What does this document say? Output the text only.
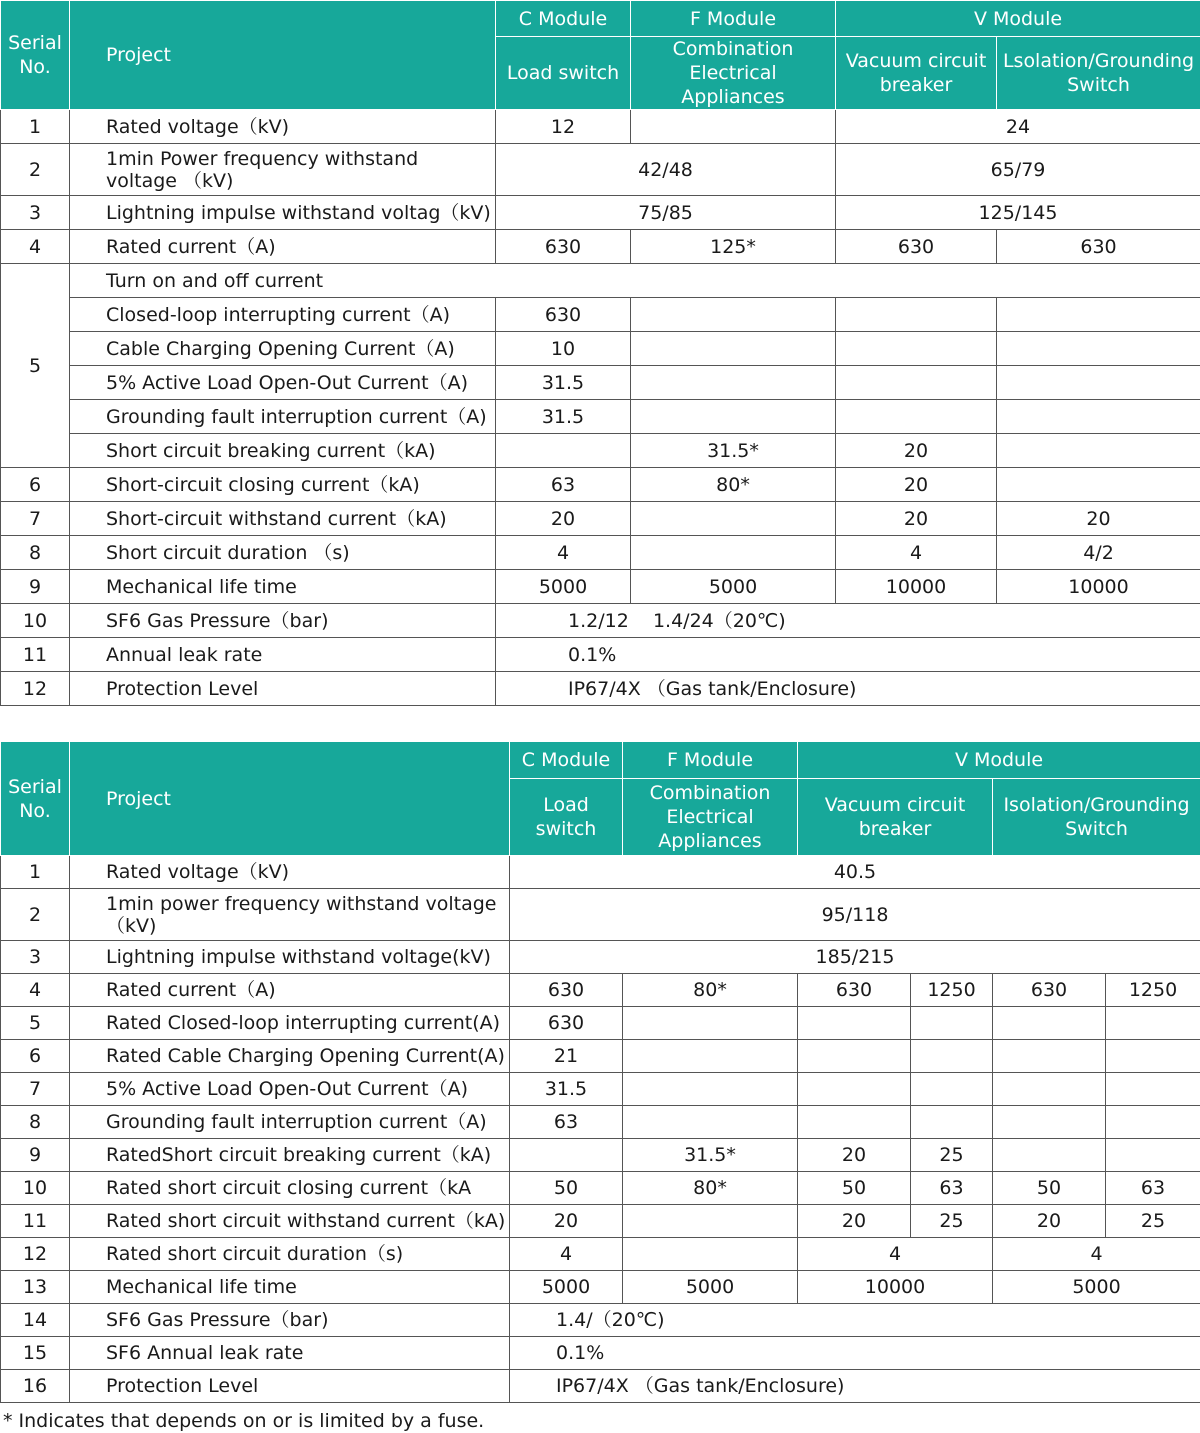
Serial No.	Project	C Module	F Module	V Module	
		Load switch	Combination Electrical Appliances	Vacuum circuit breaker	Lsolation/Grounding Switch
1	Rated voltage（kV)	12		24	
2	1min Power frequency withstand voltage （kV)	42/48		65/79	
3	Lightning impulse withstand voltag（kV)	75/85		125/145	
4	Rated current（A)	630	125*	630	630
5	Turn on and off current				
	Closed-loop interrupting current（A)	630			
	Cable Charging Opening Current（A)	10			
	5% Active Load Open-Out Current（A)	31.5			
	Grounding fault interruption current（A)	31.5			
	Short circuit breaking current（kA)		31.5*	20	
6	Short-circuit closing current（kA)	63	80*	20	
7	Short-circuit withstand current（kA)	20		20	20
8	Short circuit duration （s)	4		4	4/2
9	Mechanical life time	5000	5000	10000	10000
10	SF6 Gas Pressure（bar)	1.2/12    1.4/24（20℃)			
11	Annual leak rate	0.1%			
12	Protection Level	IP67/4X （Gas tank/Enclosure)			
Serial No.	Project	C Module	F Module	V Module			
		Load switch	Combination Electrical Appliances	Vacuum circuit breaker		Isolation/Grounding Switch	
1	Rated voltage（kV)	40.5					
2	1min power frequency withstand voltage （kV)	95/118					
3	Lightning impulse withstand voltage(kV)	185/215					
4	Rated current（A)	630	80*	630	1250	630	1250
5	Rated Closed-loop interrupting current(A)	630					
6	Rated Cable Charging Opening Current(A)	21					
7	5% Active Load Open-Out Current（A)	31.5					
8	Grounding fault interruption current（A)	63					
9	RatedShort circuit breaking current（kA)		31.5*	20	25		
10	Rated short circuit closing current（kA	50	80*	50	63	50	63
11	Rated short circuit withstand current（kA)	20		20	25	20	25
12	Rated short circuit duration（s)	4		4		4	
13	Mechanical life time	5000	5000	10000		5000	
14	SF6 Gas Pressure（bar)	1.4/（20℃)					
15	SF6 Annual leak rate	0.1%					
16	Protection Level	IP67/4X （Gas tank/Enclosure)					
* Indicates that depends on or is limited by a fuse.
